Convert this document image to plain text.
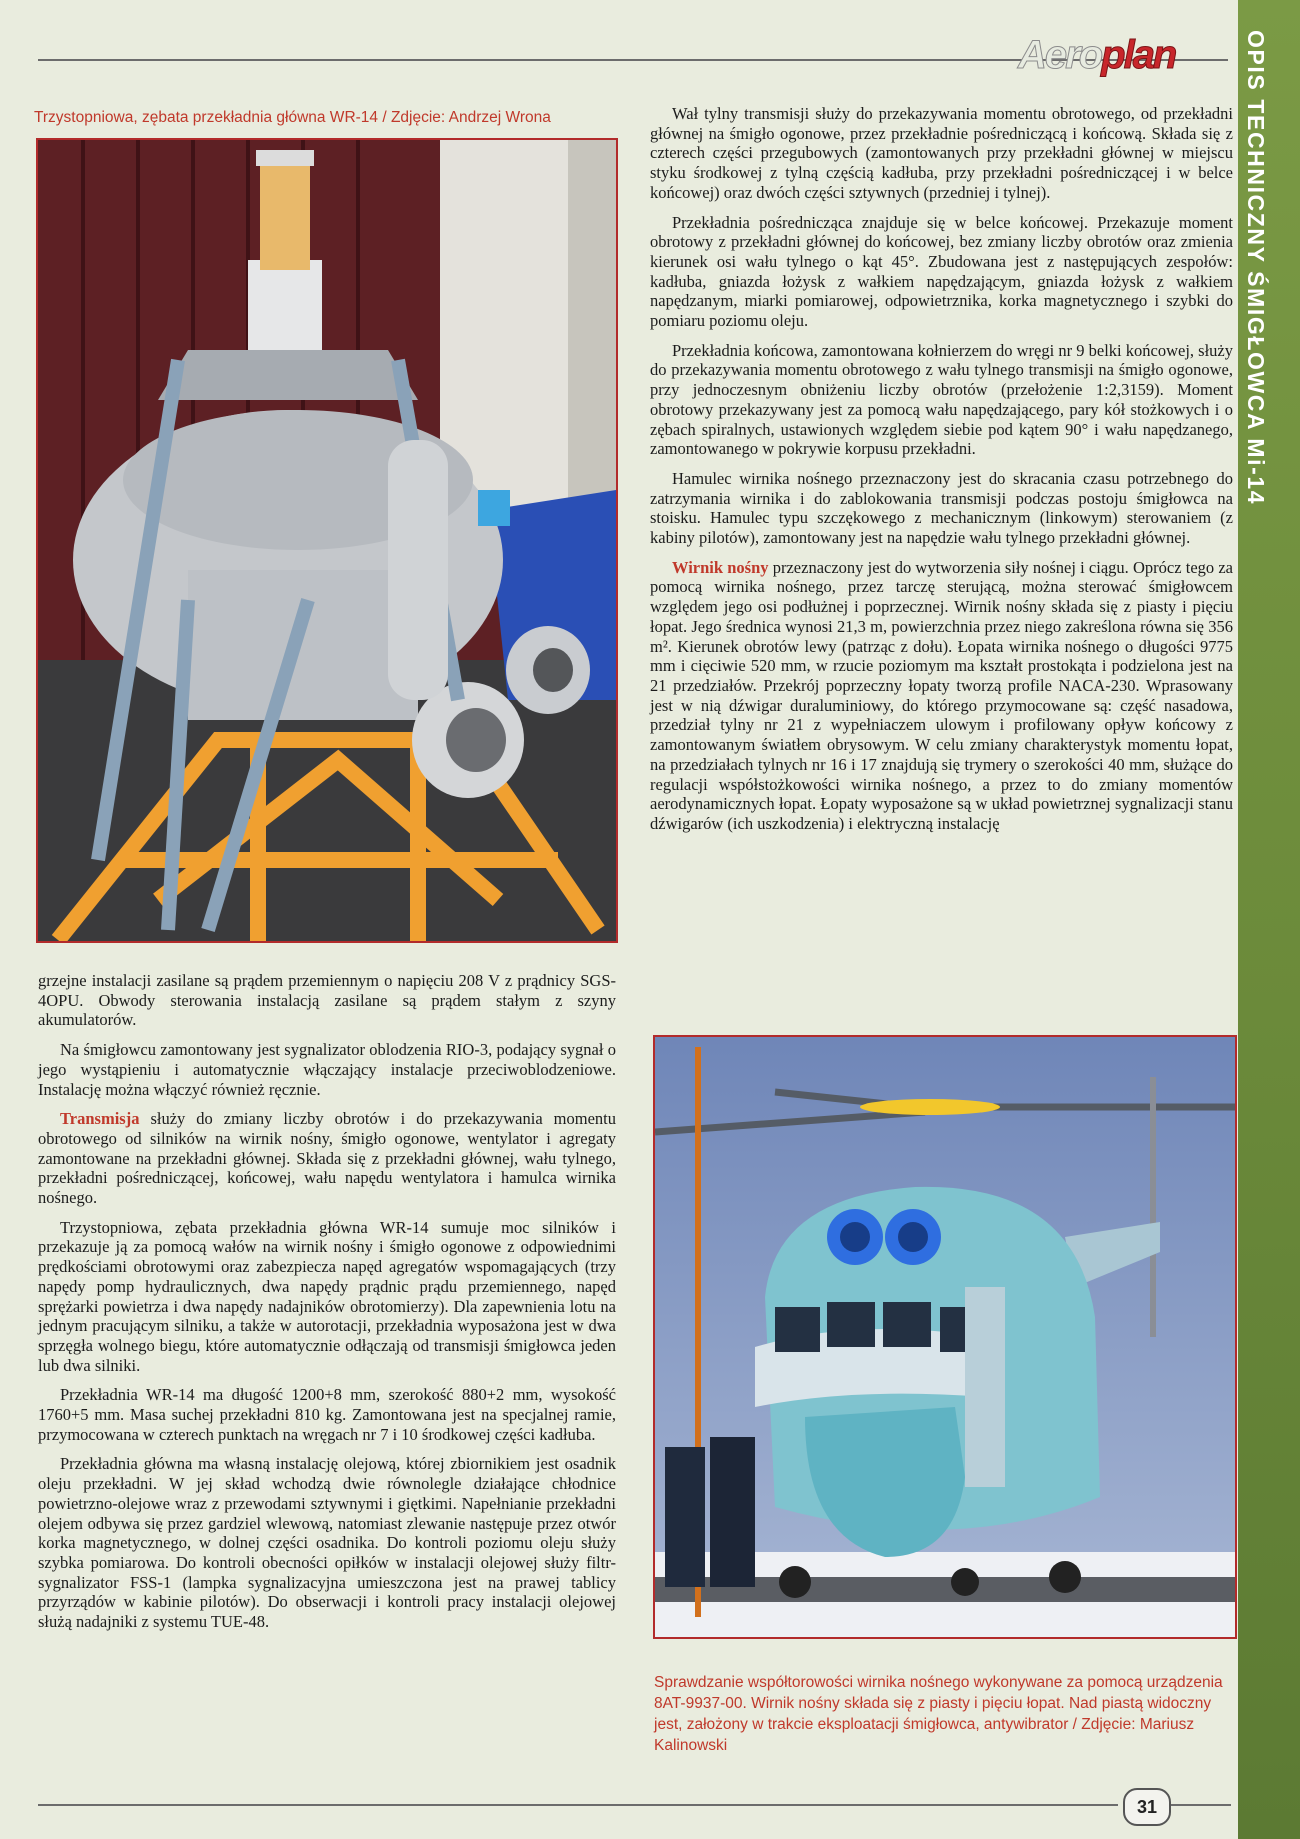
Aeroplan	OPIS TECHNICZNY ŚMIGŁOWCA Mi-14
Trzystopniowa, zębata przekładnia główna WR-14 / Zdjęcie: Andrzej Wrona

grzejne instalacji zasilane są prądem przemiennym o napięciu 208 V z prądnicy SGS-4OPU. Obwody sterowania instalacją zasilane są prądem stałym z szyny akumulatorów.

Na śmigłowcu zamontowany jest sygnalizator oblodzenia RIO-3, podający sygnał o jego wystąpieniu i automatycznie włączający instalacje przeciwoblodzeniowe. Instalację można włączyć również ręcznie.

Transmisja służy do zmiany liczby obrotów i do przekazywania momentu obrotowego od silników na wirnik nośny, śmigło ogonowe, wentylator i agregaty zamontowane na przekładni głównej. Składa się z przekładni głównej, wału tylnego, przekładni pośredniczącej, końcowej, wału napędu wentylatora i hamulca wirnika nośnego.

Trzystopniowa, zębata przekładnia główna WR-14 sumuje moc silników i przekazuje ją za pomocą wałów na wirnik nośny i śmigło ogonowe z odpowiednimi prędkościami obrotowymi oraz zabezpiecza napęd agregatów wspomagających (trzy napędy pomp hydraulicznych, dwa napędy prądnic prądu przemiennego, napęd sprężarki powietrza i dwa napędy nadajników obrotomierzy). Dla zapewnienia lotu na jednym pracującym silniku, a także w autorotacji, przekładnia wyposażona jest w dwa sprzęgła wolnego biegu, które automatycznie odłączają od transmisji śmigłowca jeden lub dwa silniki.

Przekładnia WR-14 ma długość 1200+8 mm, szerokość 880+2 mm, wysokość 1760+5 mm. Masa suchej przekładni 810 kg. Zamontowana jest na specjalnej ramie, przymocowana w czterech punktach na wręgach nr 7 i 10 środkowej części kadłuba.

Przekładnia główna ma własną instalację olejową, której zbiornikiem jest osadnik oleju przekładni. W jej skład wchodzą dwie równolegle działające chłodnice powietrzno-olejowe wraz z przewodami sztywnymi i giętkimi. Napełnianie przekładni olejem odbywa się przez gardziel wlewową, natomiast zlewanie następuje przez otwór korka magnetycznego, w dolnej części osadnika. Do kontroli poziomu oleju służy szybka pomiarowa. Do kontroli obecności opiłków w instalacji olejowej służy filtr-sygnalizator FSS-1 (lampka sygnalizacyjna umieszczona jest na prawej tablicy przyrządów w kabinie pilotów). Do obserwacji i kontroli pracy instalacji olejowej służą nadajniki z systemu TUE-48.

Wał tylny transmisji służy do przekazywania momentu obrotowego, od przekładni głównej na śmigło ogonowe, przez przekładnie pośredniczącą i końcową. Składa się z czterech części przegubowych (zamontowanych przy przekładni głównej w miejscu styku środkowej z tylną częścią kadłuba, przy przekładni pośredniczącej i w belce końcowej) oraz dwóch części sztywnych (przedniej i tylnej).

Przekładnia pośrednicząca znajduje się w belce końcowej. Przekazuje moment obrotowy z przekładni głównej do końcowej, bez zmiany liczby obrotów oraz zmienia kierunek osi wału tylnego o kąt 45°. Zbudowana jest z następujących zespołów: kadłuba, gniazda łożysk z wałkiem napędzającym, gniazda łożysk z wałkiem napędzanym, miarki pomiarowej, odpowietrznika, korka magnetycznego i szybki do pomiaru poziomu oleju.

Przekładnia końcowa, zamontowana kołnierzem do wręgi nr 9 belki końcowej, służy do przekazywania momentu obrotowego z wału tylnego transmisji na śmigło ogonowe, przy jednoczesnym obniżeniu liczby obrotów (przełożenie 1:2,3159). Moment obrotowy przekazywany jest za pomocą wału napędzającego, pary kół stożkowych i o zębach spiralnych, ustawionych względem siebie pod kątem 90° i wału napędzanego, zamontowanego w pokrywie korpusu przekładni.

Hamulec wirnika nośnego przeznaczony jest do skracania czasu potrzebnego do zatrzymania wirnika i do zablokowania transmisji podczas postoju śmigłowca na stoisku. Hamulec typu szczękowego z mechanicznym (linkowym) sterowaniem (z kabiny pilotów), zamontowany jest na napędzie wału tylnego przekładni głównej.

Wirnik nośny przeznaczony jest do wytworzenia siły nośnej i ciągu. Oprócz tego za pomocą wirnika nośnego, przez tarczę sterującą, można sterować śmigłowcem względem jego osi podłużnej i poprzecznej. Wirnik nośny składa się z piasty i pięciu łopat. Jego średnica wynosi 21,3 m, powierzchnia przez niego zakreślona równa się 356 m². Kierunek obrotów lewy (patrząc z dołu). Łopata wirnika nośnego o długości 9775 mm i cięciwie 520 mm, w rzucie poziomym ma kształt prostokąta i podzielona jest na 21 przedziałów. Przekrój poprzeczny łopaty tworzą profile NACA-230. Wprasowany jest w nią dźwigar duraluminiowy, do którego przymocowane są: część nasadowa, przedział tylny nr 21 z wypełniaczem ulowym i profilowany opływ końcowy z zamontowanym światłem obrysowym. W celu zmiany charakterystyk momentu łopat, na przedziałach tylnych nr 16 i 17 znajdują się trymery o szerokości 40 mm, służące do regulacji współstożkowości wirnika nośnego, a przez to do zmiany momentów aerodynamicznych łopat. Łopaty wyposażone są w układ powietrznej sygnalizacji stanu dźwigarów (ich uszkodzenia) i elektryczną instalację

Sprawdzanie współtorowości wirnika nośnego wykonywane za pomocą urządzenia 8AT-9937-00. Wirnik nośny składa się z piasty i pięciu łopat. Nad piastą widoczny jest, założony w trakcie eksploatacji śmigłowca, antywibrator / Zdjęcie: Mariusz Kalinowski
31
